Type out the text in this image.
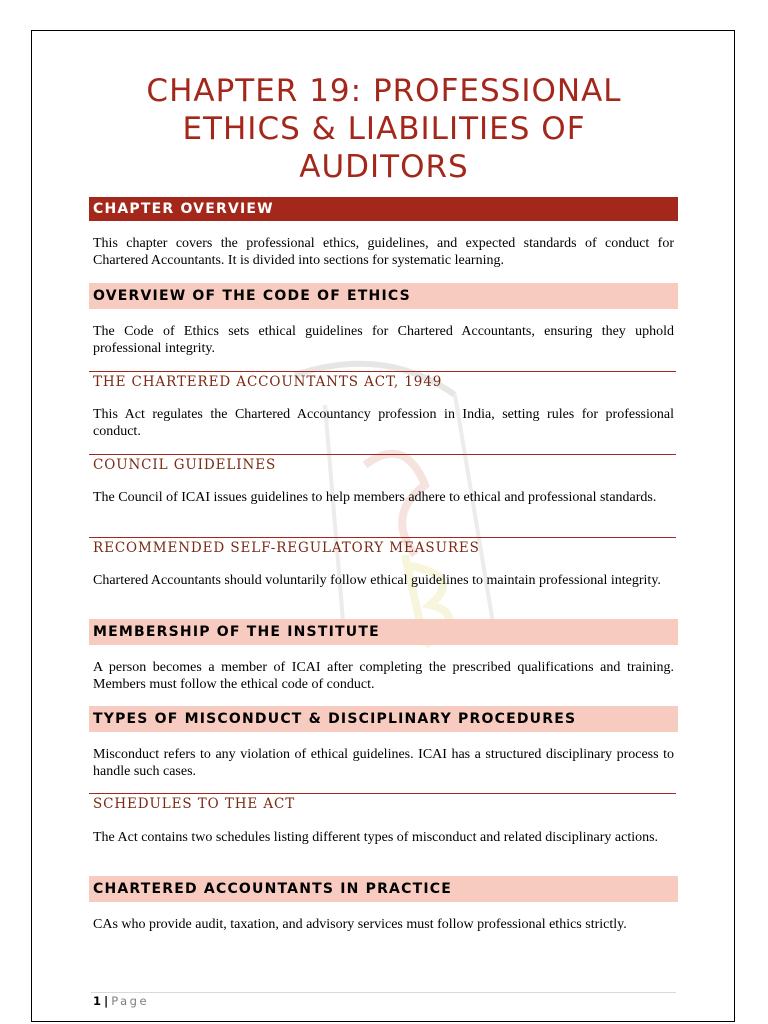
CHAPTER 19: PROFESSIONAL
ETHICS & LIABILITIES OF
AUDITORS
CHAPTER OVERVIEW
This chapter covers the professional ethics, guidelines, and expected standards of conduct for Chartered Accountants. It is divided into sections for systematic learning.
OVERVIEW OF THE CODE OF ETHICS
The Code of Ethics sets ethical guidelines for Chartered Accountants, ensuring they uphold professional integrity.
THE CHARTERED ACCOUNTANTS ACT, 1949
This Act regulates the Chartered Accountancy profession in India, setting rules for professional conduct.
COUNCIL GUIDELINES
The Council of ICAI issues guidelines to help members adhere to ethical and professional standards.
RECOMMENDED SELF-REGULATORY MEASURES
Chartered Accountants should voluntarily follow ethical guidelines to maintain professional integrity.
MEMBERSHIP OF THE INSTITUTE
A person becomes a member of ICAI after completing the prescribed qualifications and training. Members must follow the ethical code of conduct.
TYPES OF MISCONDUCT & DISCIPLINARY PROCEDURES
Misconduct refers to any violation of ethical guidelines. ICAI has a structured disciplinary process to handle such cases.
SCHEDULES TO THE ACT
The Act contains two schedules listing different types of misconduct and related disciplinary actions.
CHARTERED ACCOUNTANTS IN PRACTICE
CAs who provide audit, taxation, and advisory services must follow professional ethics strictly.
1 | Page
